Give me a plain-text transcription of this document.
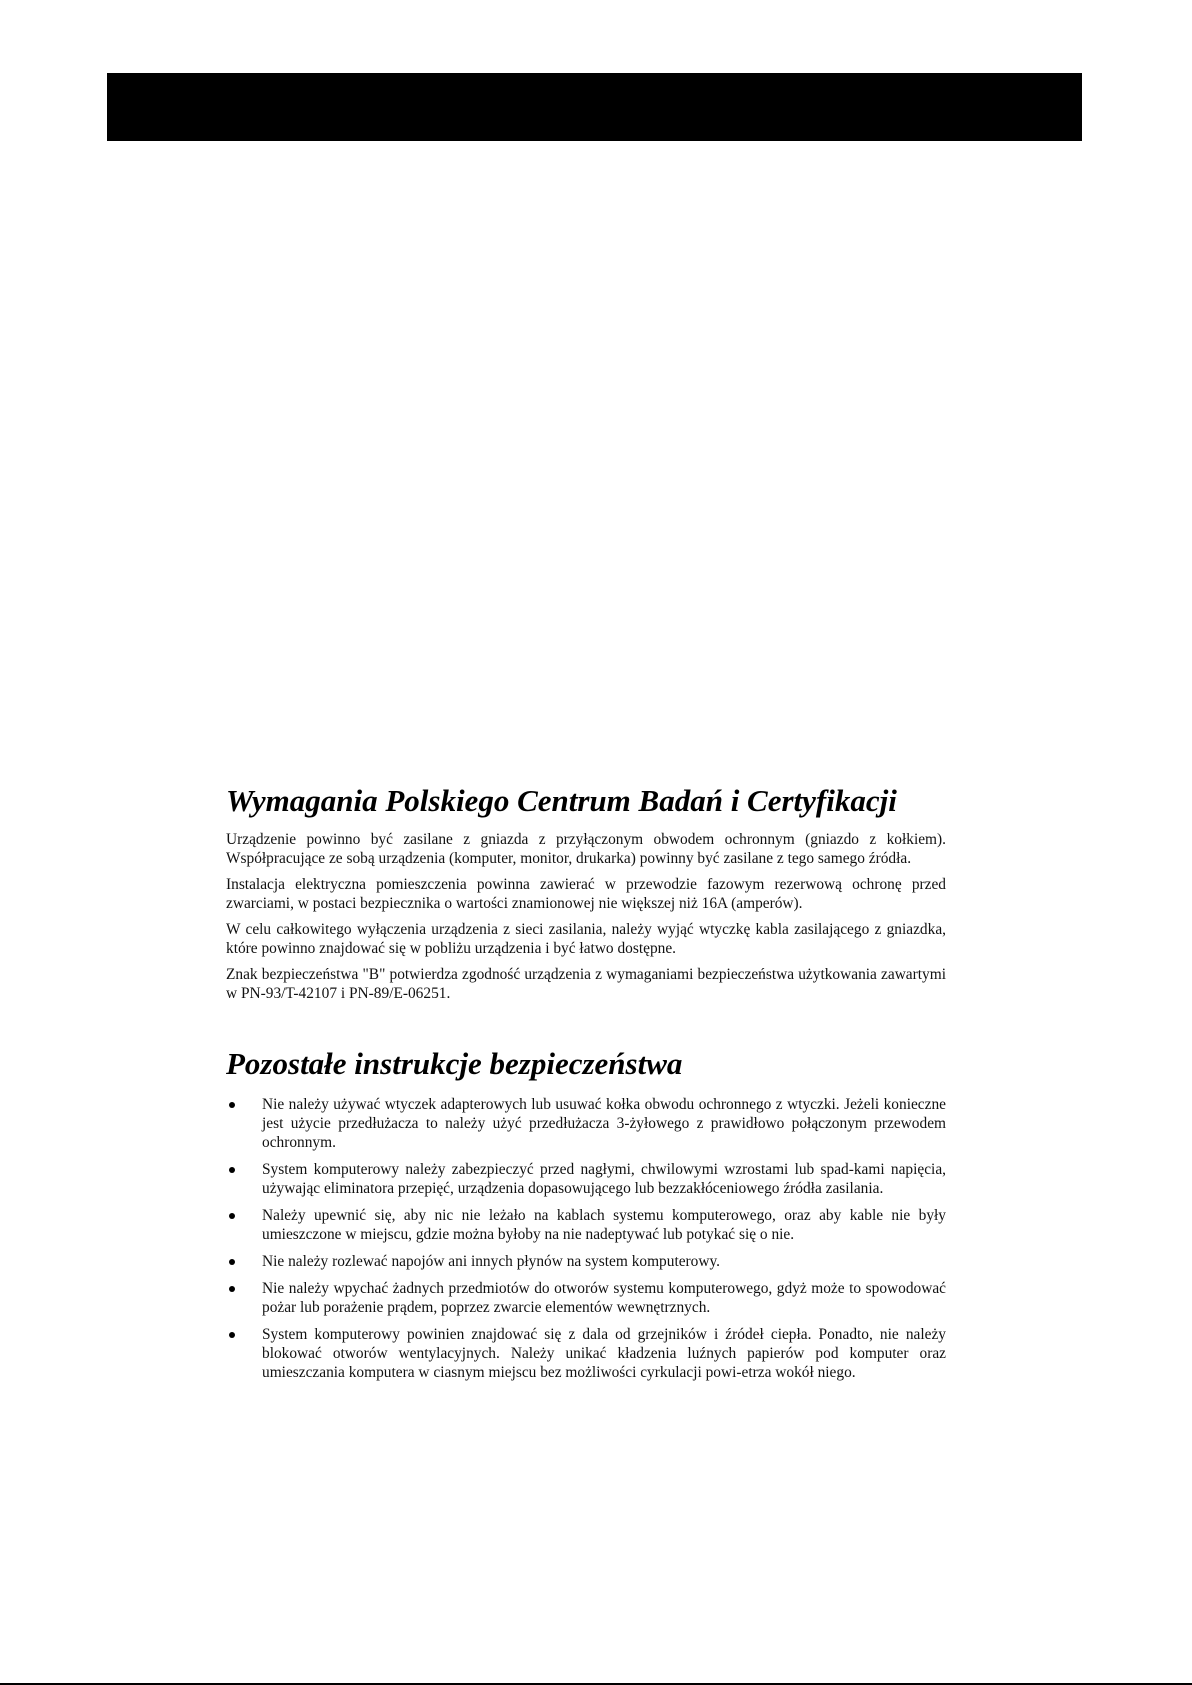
Wymagania Polskiego Centrum Badań i Certyfikacji

Urządzenie powinno być zasilane z gniazda z przyłączonym obwodem ochronnym (gniazdo z kołkiem). Współpracujące ze sobą urządzenia (komputer, monitor, drukarka) powinny być zasilane z tego samego źródła.

Instalacja elektryczna pomieszczenia powinna zawierać w przewodzie fazowym rezerwową ochronę przed zwarciami, w postaci bezpiecznika o wartości znamionowej nie większej niż 16A (amperów).

W celu całkowitego wyłączenia urządzenia z sieci zasilania, należy wyjąć wtyczkę kabla zasilającego z gniazdka, które powinno znajdować się w pobliżu urządzenia i być łatwo dostępne.

Znak bezpieczeństwa "B" potwierdza zgodność urządzenia z wymaganiami bezpieczeństwa użytkowania zawartymi w PN-93/T-42107 i PN-89/E-06251.

Pozostałe instrukcje bezpieczeństwa
Nie należy używać wtyczek adapterowych lub usuwać kołka obwodu ochronnego z wtyczki. Jeżeli konieczne jest użycie przedłużacza to należy użyć przedłużacza 3-żyłowego z prawidłowo połączonym przewodem ochronnym.
System komputerowy należy zabezpieczyć przed nagłymi, chwilowymi wzrostami lub spad-kami napięcia, używając eliminatora przepięć, urządzenia dopasowującego lub bezzakłóceniowego źródła zasilania.
Należy upewnić się, aby nic nie leżało na kablach systemu komputerowego, oraz aby kable nie były umieszczone w miejscu, gdzie można byłoby na nie nadeptywać lub potykać się o nie.
Nie należy rozlewać napojów ani innych płynów na system komputerowy.
Nie należy wpychać żadnych przedmiotów do otworów systemu komputerowego, gdyż może to spowodować pożar lub porażenie prądem, poprzez zwarcie elementów wewnętrznych.
System komputerowy powinien znajdować się z dala od grzejników i źródeł ciepła. Ponadto, nie należy blokować otworów wentylacyjnych. Należy unikać kładzenia luźnych papierów pod komputer oraz umieszczania komputera w ciasnym miejscu bez możliwości cyrkulacji powi-etrza wokół niego.
